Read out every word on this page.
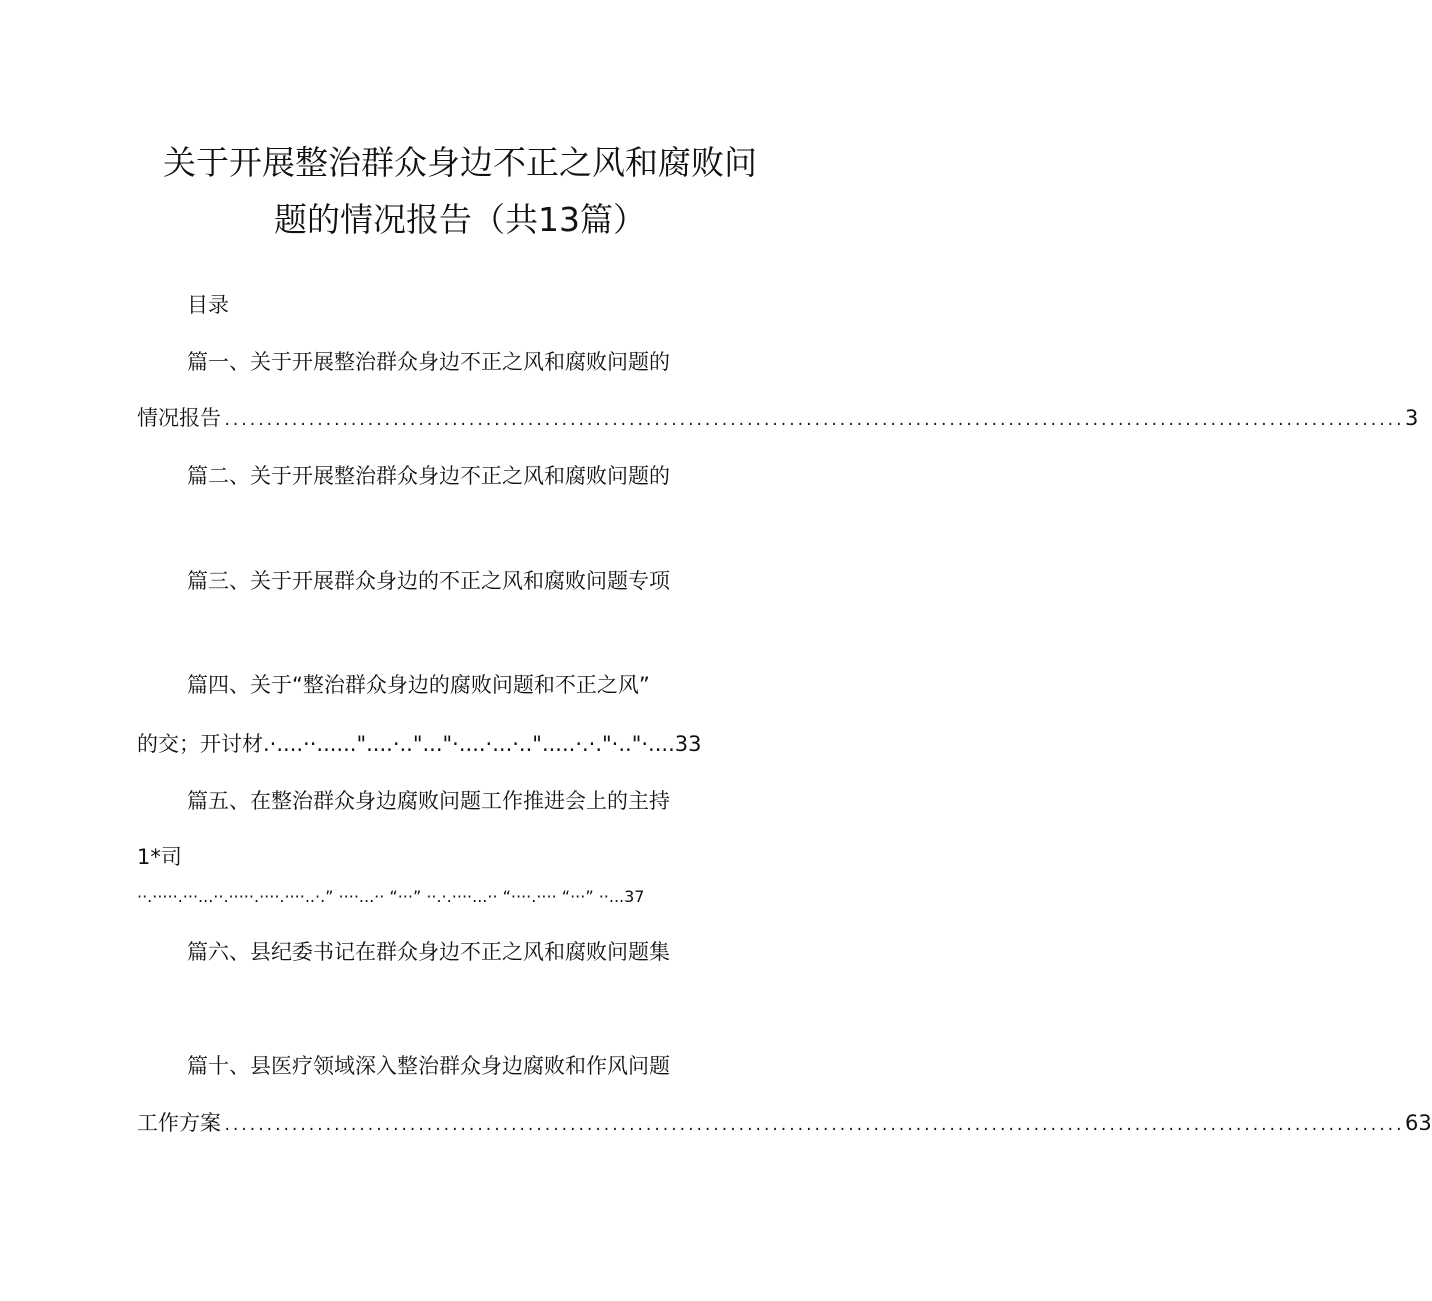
关于开展整治群众身边不正之风和腐败问
题的情况报告（共13篇）
目录
篇一、关于开展整治群众身边不正之风和腐败问题的
情况报告 ............................................................................................................................................ 3
篇二、关于开展整治群众身边不正之风和腐败问题的
篇三、关于开展群众身边的不正之风和腐败问题专项
篇四、关于“整治群众身边的腐败问题和不正之风”
的交；开讨材.·....··......"....·.."..."·....·...·..".....·.·."·.."·....33
篇五、在整治群众身边腐败问题工作推进会上的主持
1*司
··.·····.···...··.·····.····.····..·.” ····...·· “···” ··.·.····...·· “····.···· “···” ··...37
篇六、县纪委书记在群众身边不正之风和腐败问题集
篇十、县医疗领域深入整治群众身边腐败和作风问题
工作方案 ............................................................................................................................................ 63
